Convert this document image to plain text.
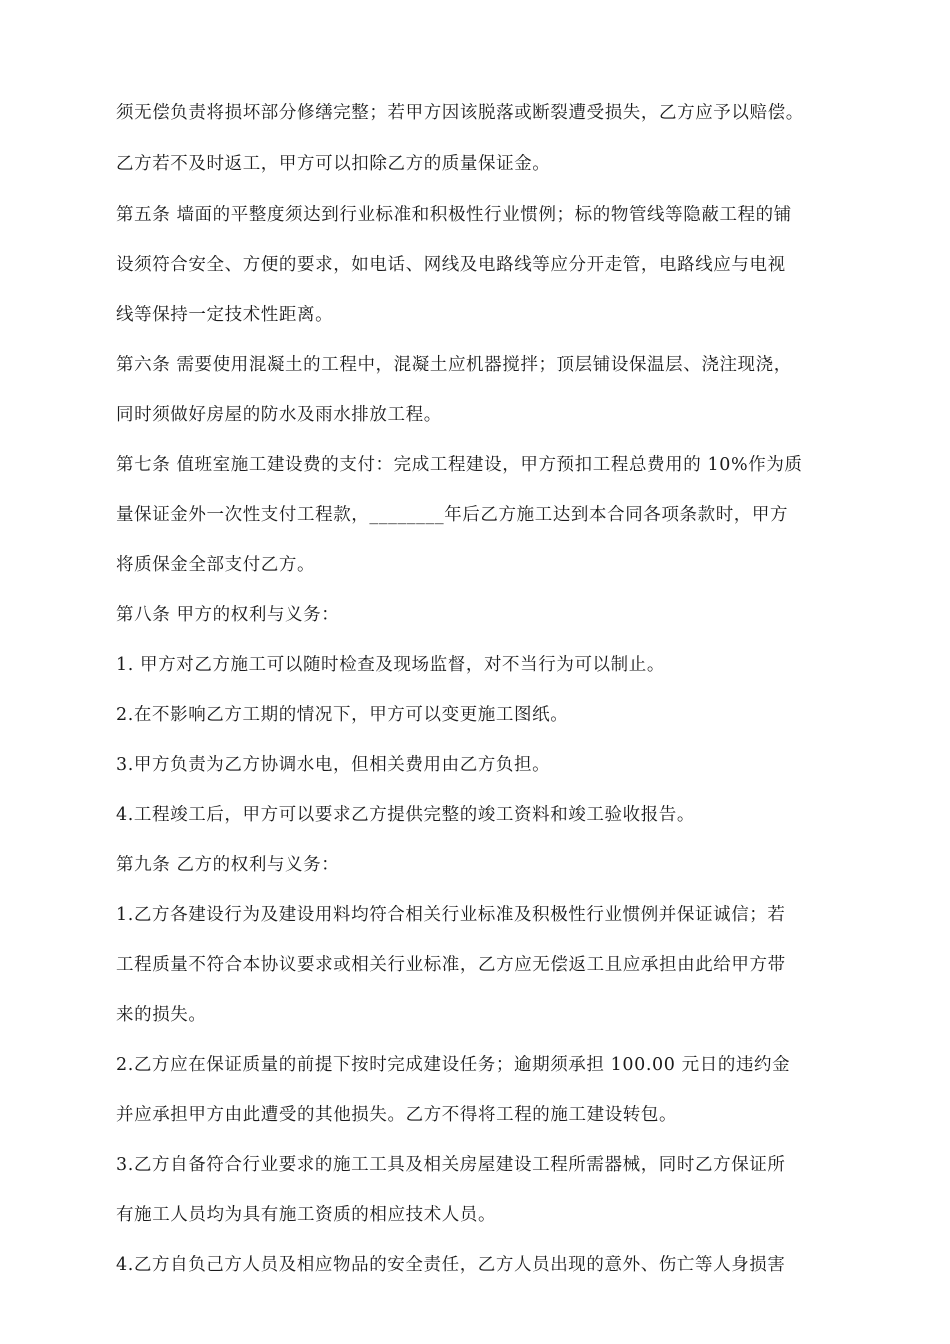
须无偿负责将损坏部分修缮完整；若甲方因该脱落或断裂遭受损失，乙方应予以赔偿。
乙方若不及时返工，甲方可以扣除乙方的质量保证金。
第五条 墙面的平整度须达到行业标准和积极性行业惯例；标的物管线等隐蔽工程的铺
设须符合安全、方便的要求，如电话、网线及电路线等应分开走管，电路线应与电视
线等保持一定技术性距离。
第六条 需要使用混凝土的工程中，混凝土应机器搅拌；顶层铺设保温层、浇注现浇，
同时须做好房屋的防水及雨水排放工程。
第七条 值班室施工建设费的支付：完成工程建设，甲方预扣工程总费用的 10%作为质
量保证金外一次性支付工程款，________年后乙方施工达到本合同各项条款时，甲方
将质保金全部支付乙方。
第八条 甲方的权利与义务：
1. 甲方对乙方施工可以随时检查及现场监督，对不当行为可以制止。
2.在不影响乙方工期的情况下，甲方可以变更施工图纸。
3.甲方负责为乙方协调水电，但相关费用由乙方负担。
4.工程竣工后，甲方可以要求乙方提供完整的竣工资料和竣工验收报告。
第九条 乙方的权利与义务：
1.乙方各建设行为及建设用料均符合相关行业标准及积极性行业惯例并保证诚信；若
工程质量不符合本协议要求或相关行业标准，乙方应无偿返工且应承担由此给甲方带
来的损失。
2.乙方应在保证质量的前提下按时完成建设任务；逾期须承担 100.00 元日的违约金
并应承担甲方由此遭受的其他损失。乙方不得将工程的施工建设转包。
3.乙方自备符合行业要求的施工工具及相关房屋建设工程所需器械，同时乙方保证所
有施工人员均为具有施工资质的相应技术人员。
4.乙方自负己方人员及相应物品的安全责任，乙方人员出现的意外、伤亡等人身损害
